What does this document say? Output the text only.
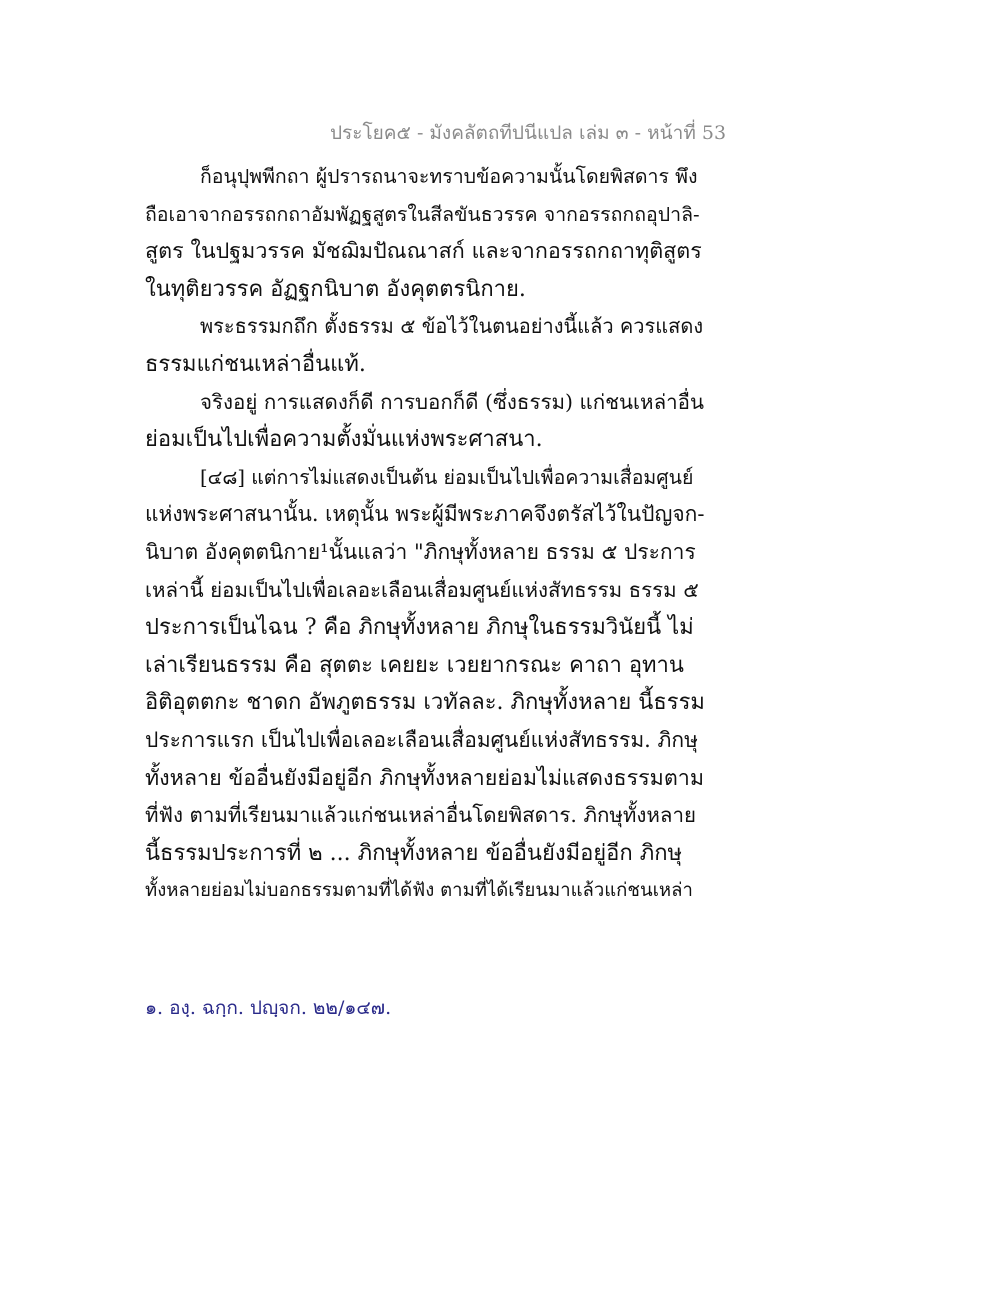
ประโยค๕ - มังคลัตถทีปนีแปล เล่ม ๓ - หน้าที่ 53
ก็อนุปุพพีกถา ผู้ปรารถนาจะทราบข้อความนั้นโดยพิสดาร พึง
ถือเอาจากอรรถกถาอัมพัฏฐสูตรในสีลขันธวรรค จากอรรถกถอุปาลิ-
สูตร ในปฐมวรรค มัชฌิมปัณณาสก์ และจากอรรถกถาทุติสูตร
ในทุติยวรรค อัฏฐกนิบาต อังคุตตรนิกาย.
พระธรรมกถึก ตั้งธรรม ๕ ข้อไว้ในตนอย่างนี้แล้ว ควรแสดง
ธรรมแก่ชนเหล่าอื่นแท้.
จริงอยู่ การแสดงก็ดี การบอกก็ดี (ซึ่งธรรม) แก่ชนเหล่าอื่น
ย่อมเป็นไปเพื่อความตั้งมั่นแห่งพระศาสนา.
[๔๘] แต่การไม่แสดงเป็นต้น ย่อมเป็นไปเพื่อความเสื่อมศูนย์
แห่งพระศาสนานั้น. เหตุนั้น พระผู้มีพระภาคจึงตรัสไว้ในปัญจก-
นิบาต อังคุตตนิกาย¹นั้นแลว่า "ภิกษุทั้งหลาย ธรรม ๕ ประการ
เหล่านี้ ย่อมเป็นไปเพื่อเลอะเลือนเสื่อมศูนย์แห่งสัทธรรม ธรรม ๕
ประการเป็นไฉน ? คือ ภิกษุทั้งหลาย ภิกษุในธรรมวินัยนี้ ไม่
เล่าเรียนธรรม คือ สุตตะ เคยยะ เวยยากรณะ คาถา อุทาน
อิติอุตตกะ ชาดก อัพภูตธรรม เวทัลละ. ภิกษุทั้งหลาย นี้ธรรม
ประการแรก เป็นไปเพื่อเลอะเลือนเสื่อมศูนย์แห่งสัทธรรม. ภิกษุ
ทั้งหลาย ข้ออื่นยังมีอยู่อีก ภิกษุทั้งหลายย่อมไม่แสดงธรรมตาม
ที่ฟัง ตามที่เรียนมาแล้วแก่ชนเหล่าอื่นโดยพิสดาร. ภิกษุทั้งหลาย
นี้ธรรมประการที่ ๒ ... ภิกษุทั้งหลาย ข้ออื่นยังมีอยู่อีก ภิกษุ
ทั้งหลายย่อมไม่บอกธรรมตามที่ได้ฟัง ตามที่ได้เรียนมาแล้วแก่ชนเหล่า
๑. องฺ. ฉกฺก. ปญฺจก. ๒๒/๑๔๗.
